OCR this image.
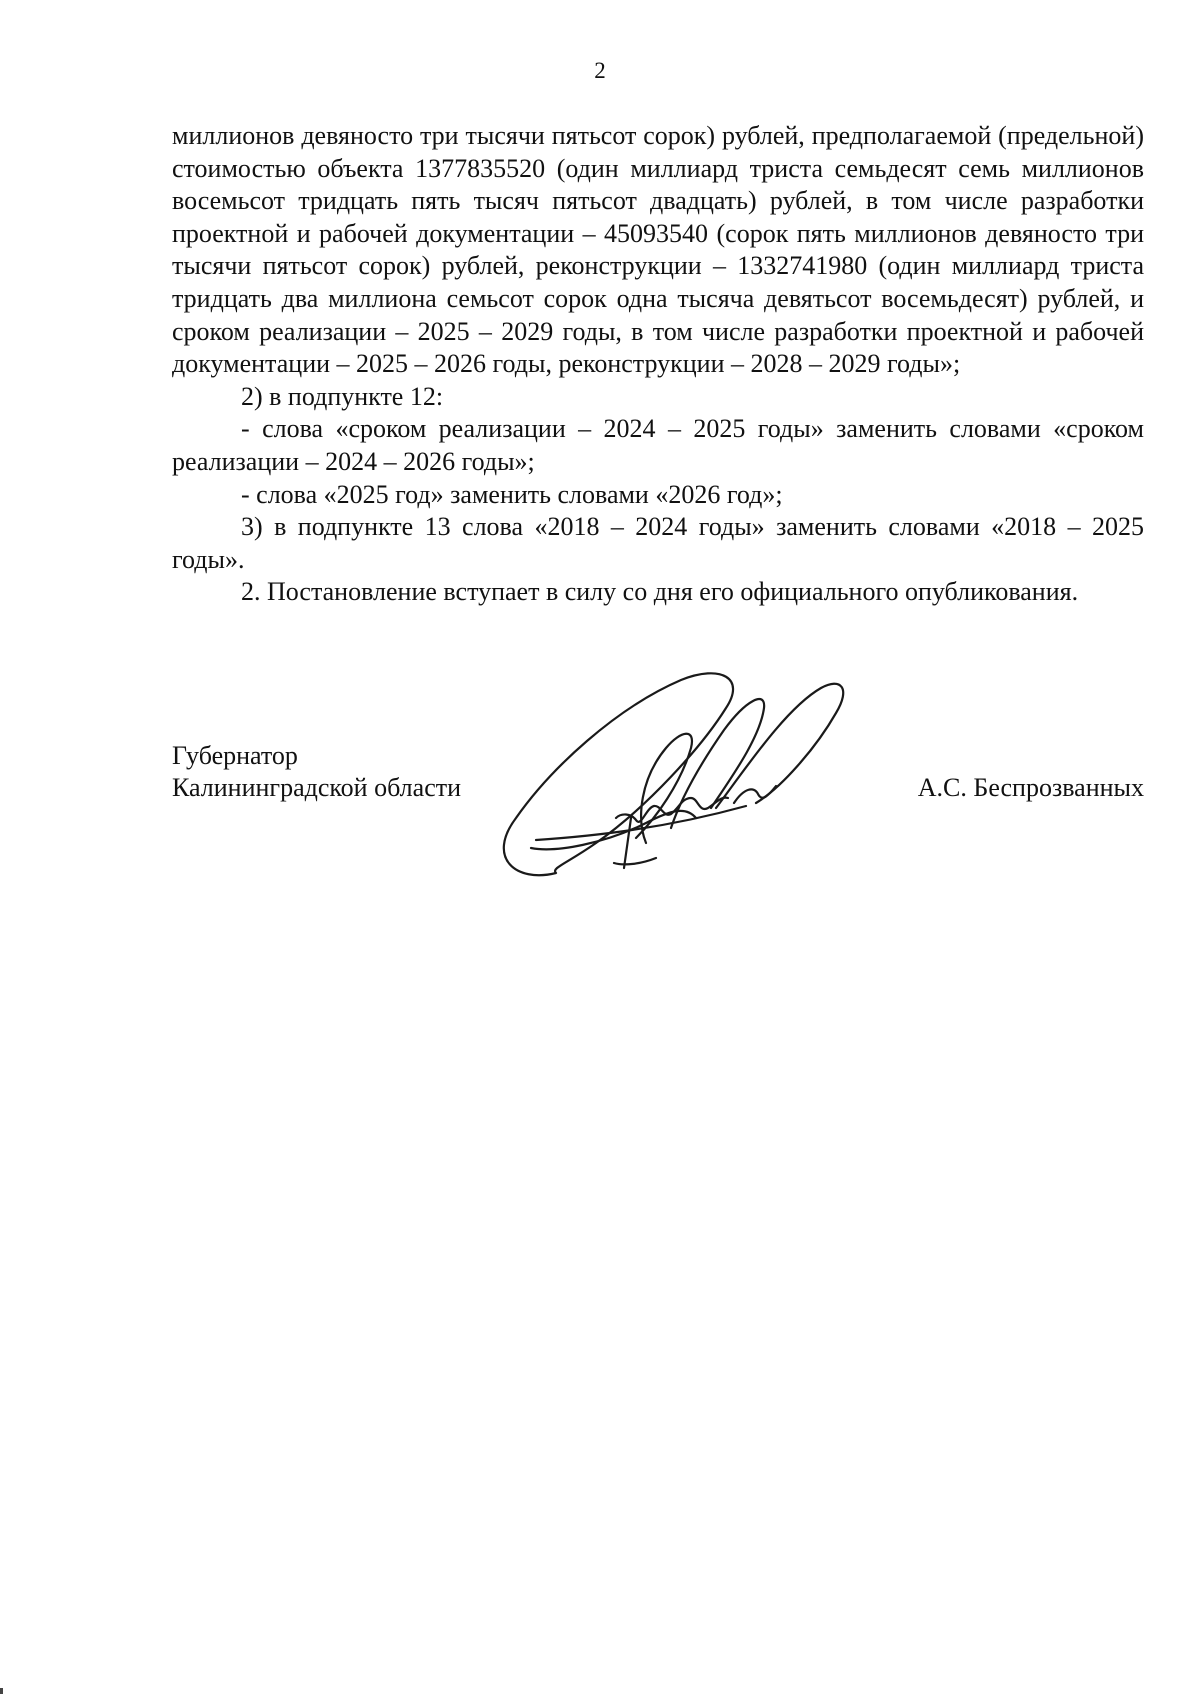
2

миллионов девяносто три тысячи пятьсот сорок) рублей, предполагаемой (предельной) стоимостью объекта 1377835520 (один миллиард триста семьдесят семь миллионов восемьсот тридцать пять тысяч пятьсот двадцать) рублей, в том числе разработки проектной и рабочей документации – 45093540 (сорок пять миллионов девяносто три тысячи пятьсот сорок) рублей, реконструкции – 1332741980 (один миллиард триста тридцать два миллиона семьсот сорок одна тысяча девятьсот восемьдесят) рублей, и сроком реализации – 2025 – 2029 годы, в том числе разработки проектной и рабочей документации – 2025 – 2026 годы, реконструкции – 2028 – 2029 годы»;

2) в подпункте 12:

- слова «сроком реализации – 2024 – 2025 годы» заменить словами «сроком реализации – 2024 – 2026 годы»;

- слова «2025 год» заменить словами «2026 год»;

3) в подпункте 13 слова «2018 – 2024 годы» заменить словами «2018 – 2025 годы».

2. Постановление вступает в силу со дня его официального опубликования.

Губернатор
Калининградской области	А.С. Беспрозванных
